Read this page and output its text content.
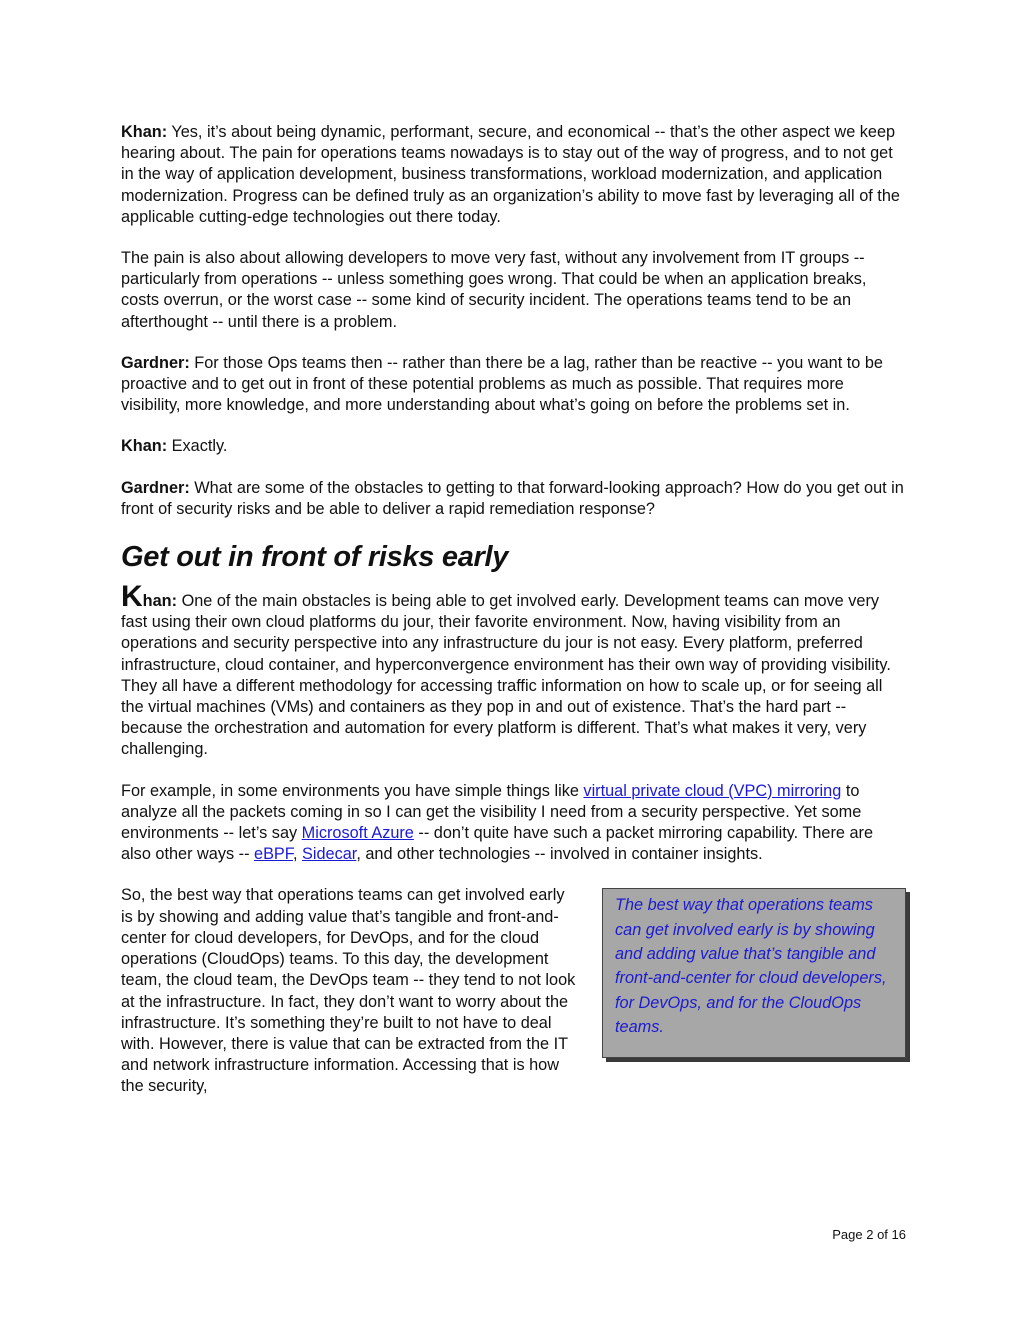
Khan: Yes, it’s about being dynamic, performant, secure, and economical -- that’s the other aspect we keep hearing about. The pain for operations teams nowadays is to stay out of the way of progress, and to not get in the way of application development, business transformations, workload modernization, and application modernization. Progress can be defined truly as an organization’s ability to move fast by leveraging all of the applicable cutting-edge technologies out there today.

The pain is also about allowing developers to move very fast, without any involvement from IT groups -- particularly from operations -- unless something goes wrong. That could be when an application breaks, costs overrun, or the worst case -- some kind of security incident. The operations teams tend to be an afterthought -- until there is a problem.

Gardner: For those Ops teams then -- rather than there be a lag, rather than be reactive -- you want to be proactive and to get out in front of these potential problems as much as possible. That requires more visibility, more knowledge, and more understanding about what’s going on before the problems set in.

Khan: Exactly.

Gardner: What are some of the obstacles to getting to that forward-looking approach? How do you get out in front of security risks and be able to deliver a rapid remediation response?

Get out in front of risks early

Khan: One of the main obstacles is being able to get involved early. Development teams can move very fast using their own cloud platforms du jour, their favorite environment. Now, having visibility from an operations and security perspective into any infrastructure du jour is not easy. Every platform, preferred infrastructure, cloud container, and hyperconvergence environment has their own way of providing visibility. They all have a different methodology for accessing traffic information on how to scale up, or for seeing all the virtual machines (VMs) and containers as they pop in and out of existence. That’s the hard part -- because the orchestration and automation for every platform is different. That’s what makes it very, very challenging.

For example, in some environments you have simple things like virtual private cloud (VPC) mirroring to analyze all the packets coming in so I can get the visibility I need from a security perspective. Yet some environments -- let’s say Microsoft Azure -- don’t quite have such a packet mirroring capability. There are also other ways -- eBPF, Sidecar, and other technologies -- involved in container insights.

The best way that operations teams can get involved early is by showing and adding value that’s tangible and front-and-center for cloud developers, for DevOps, and for the CloudOps teams.

So, the best way that operations teams can get involved early is by showing and adding value that’s tangible and front-and-center for cloud developers, for DevOps, and for the cloud operations (CloudOps) teams. To this day, the development team, the cloud team, the DevOps team -- they tend to not look at the infrastructure. In fact, they don’t want to worry about the infrastructure. It’s something they’re built to not have to deal with. However, there is value that can be extracted from the IT and network infrastructure information. Accessing that is how the security,

Page 2 of 16
